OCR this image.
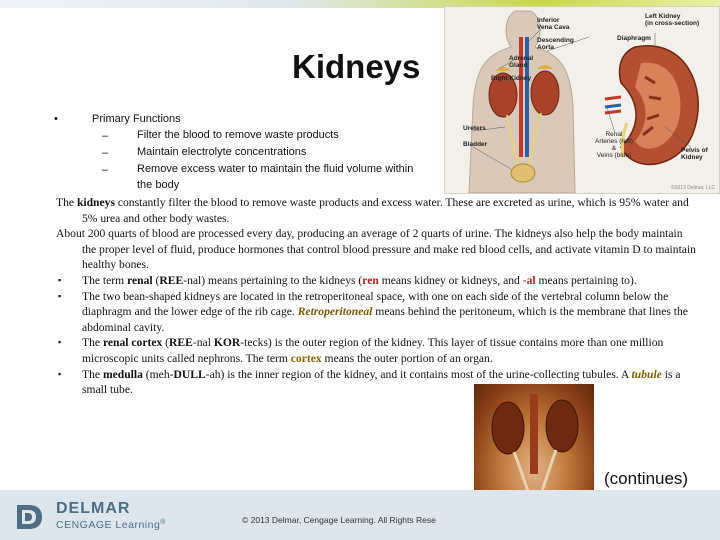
Kidneys
Inferior
Vena Cava
Left Kidney
(in cross-section)
Descending
Aorta
Diaphragm
Adrenal
Gland
Right Kidney
Ureters
Bladder
Renal
Arteries (red)
&
Veins (blue)
Pelvis of
Kidney
©2013 Delmar, LLC
•	Primary Functions
–	Filter the blood to remove waste products
–	Maintain electrolyte concentrations
–	Remove excess water to maintain the fluid volume within the body

The kidneys constantly filter the blood to remove waste products and excess water. These are excreted as urine, which is 95% water and 5% urea and other body wastes.

About 200 quarts of blood are processed every day, producing an average of 2 quarts of urine. The kidneys also help the body maintain the proper level of fluid, produce hormones that control blood pressure and make red blood cells, and activate vitamin D to maintain healthy bones.

▪ The term renal (REE-nal) means pertaining to the kidneys (ren means kidney or kidneys, and -al means pertaining to).

▪ The two bean-shaped kidneys are located in the retroperitoneal space, with one on each side of the vertebral column below the diaphragm and the lower edge of the rib cage. Retroperitoneal means behind the peritoneum, which is the membrane that lines the abdominal cavity.

▪ The renal cortex (REE-nal KOR-tecks) is the outer region of the kidney. This layer of tissue contains more than one million microscopic units called nephrons. The term cortex means the outer portion of an organ.

▪ The medulla (meh-DULL-ah) is the inner region of the kidney, and it contains most of the urine-collecting tubules. A tubule is a small tube.

(continues)
DELMAR
CENGAGE Learning®	© 2013 Delmar, Cengage Learning. All Rights Rese
